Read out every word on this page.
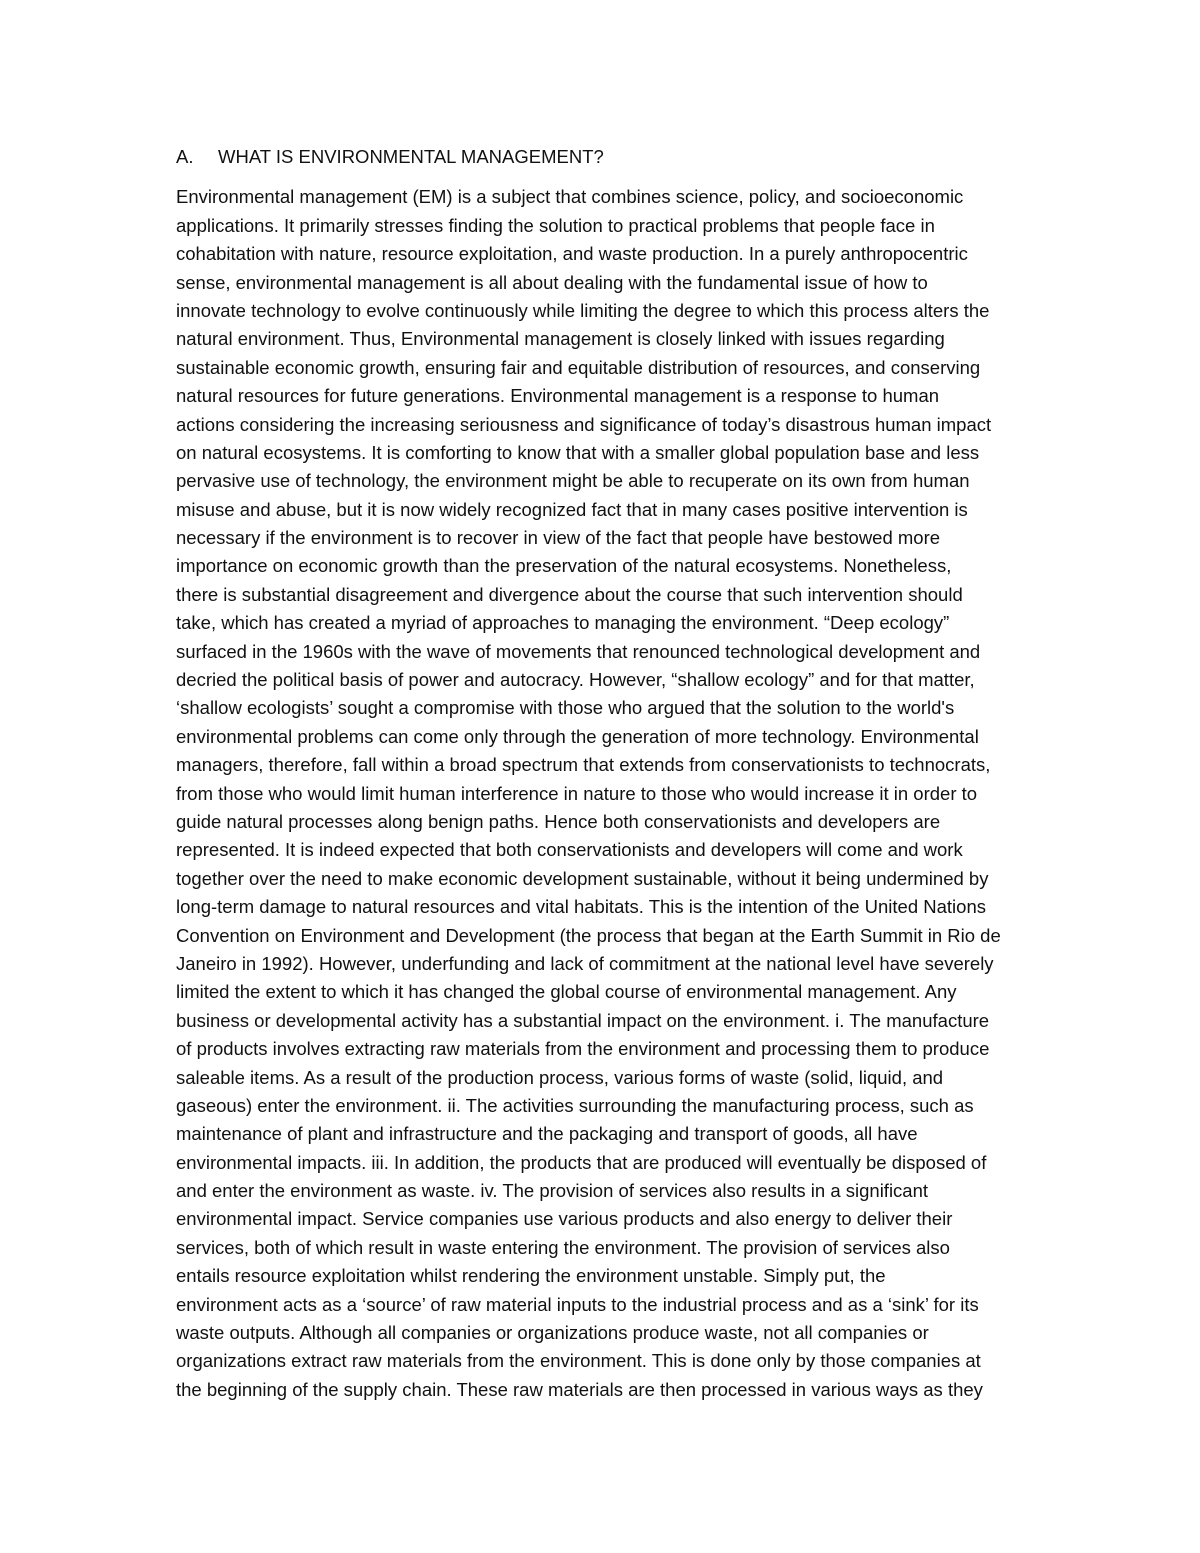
A.	WHAT IS ENVIRONMENTAL MANAGEMENT?
Environmental management (EM) is a subject that combines science, policy, and socioeconomic
applications. It primarily stresses finding the solution to practical problems that people face in
cohabitation with nature, resource exploitation, and waste production. In a purely anthropocentric
sense, environmental management is all about dealing with the fundamental issue of how to
innovate technology to evolve continuously while limiting the degree to which this process alters the
natural environment. Thus, Environmental management is closely linked with issues regarding
sustainable economic growth, ensuring fair and equitable distribution of resources, and conserving
natural resources for future generations. Environmental management is a response to human
actions considering the increasing seriousness and significance of today’s disastrous human impact
on natural ecosystems. It is comforting to know that with a smaller global population base and less
pervasive use of technology, the environment might be able to recuperate on its own from human
misuse and abuse, but it is now widely recognized fact that in many cases positive intervention is
necessary if the environment is to recover in view of the fact that people have bestowed more
importance on economic growth than the preservation of the natural ecosystems. Nonetheless,
there is substantial disagreement and divergence about the course that such intervention should
take, which has created a myriad of approaches to managing the environment. “Deep ecology”
surfaced in the 1960s with the wave of movements that renounced technological development and
decried the political basis of power and autocracy. However, “shallow ecology” and for that matter,
‘shallow ecologists’ sought a compromise with those who argued that the solution to the world's
environmental problems can come only through the generation of more technology. Environmental
managers, therefore, fall within a broad spectrum that extends from conservationists to technocrats,
from those who would limit human interference in nature to those who would increase it in order to
guide natural processes along benign paths. Hence both conservationists and developers are
represented. It is indeed expected that both conservationists and developers will come and work
together over the need to make economic development sustainable, without it being undermined by
long-term damage to natural resources and vital habitats. This is the intention of the United Nations
Convention on Environment and Development (the process that began at the Earth Summit in Rio de
Janeiro in 1992). However, underfunding and lack of commitment at the national level have severely
limited the extent to which it has changed the global course of environmental management. Any
business or developmental activity has a substantial impact on the environment. i. The manufacture
of products involves extracting raw materials from the environment and processing them to produce
saleable items. As a result of the production process, various forms of waste (solid, liquid, and
gaseous) enter the environment. ii. The activities surrounding the manufacturing process, such as
maintenance of plant and infrastructure and the packaging and transport of goods, all have
environmental impacts. iii. In addition, the products that are produced will eventually be disposed of
and enter the environment as waste. iv. The provision of services also results in a significant
environmental impact. Service companies use various products and also energy to deliver their
services, both of which result in waste entering the environment. The provision of services also
entails resource exploitation whilst rendering the environment unstable. Simply put, the
environment acts as a ‘source’ of raw material inputs to the industrial process and as a ‘sink’ for its
waste outputs. Although all companies or organizations produce waste, not all companies or
organizations extract raw materials from the environment. This is done only by those companies at
the beginning of the supply chain. These raw materials are then processed in various ways as they
